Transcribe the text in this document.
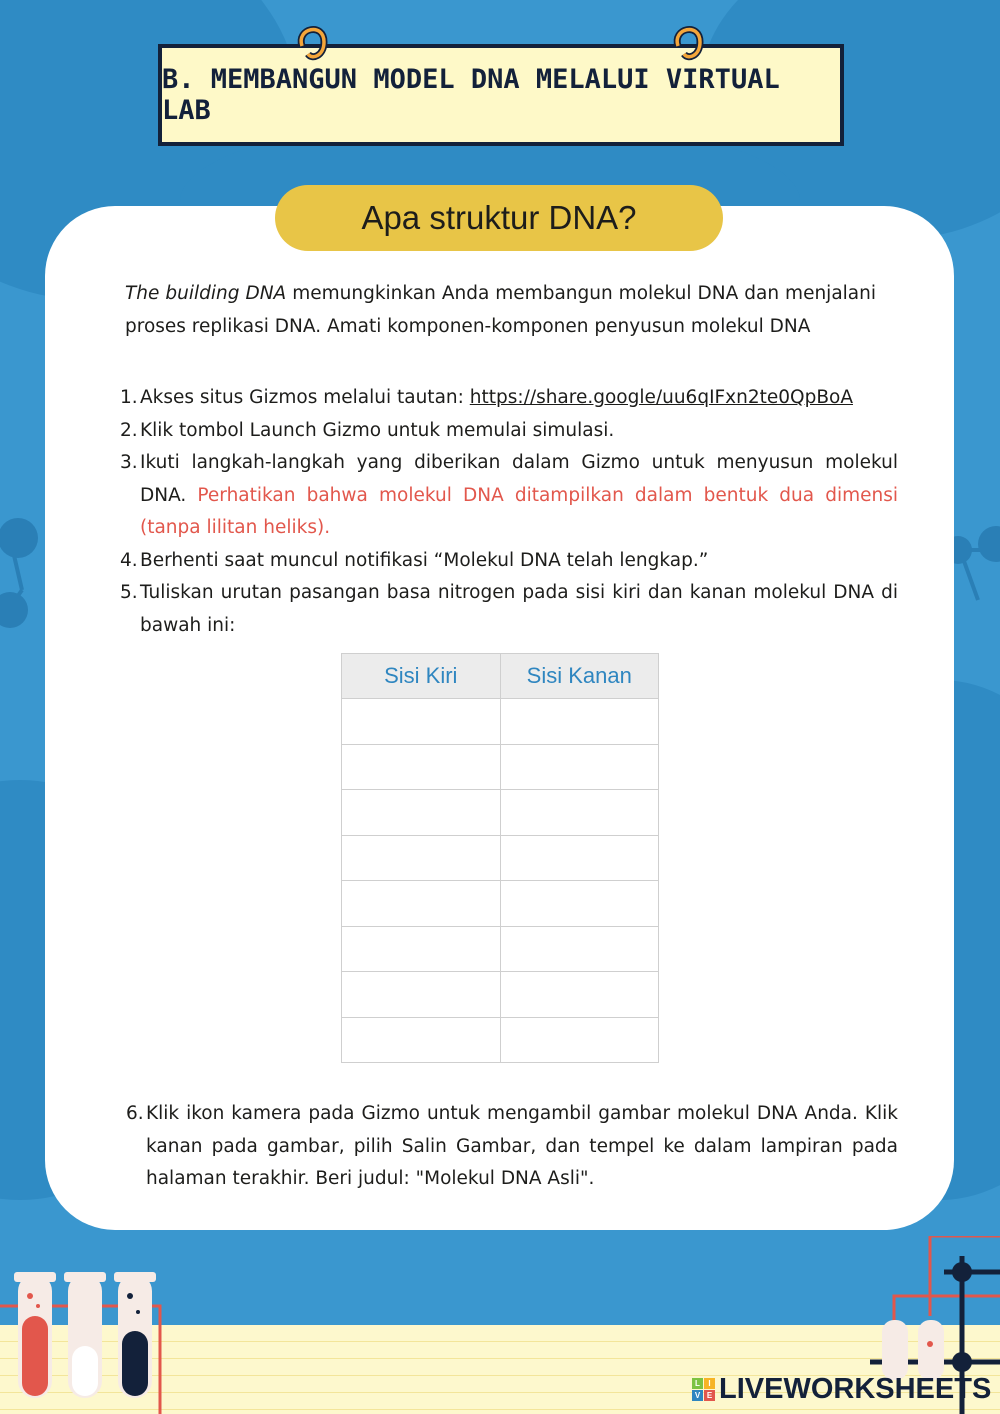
B. MEMBANGUN MODEL DNA MELALUI VIRTUAL LAB
Apa struktur DNA?
The building DNA memungkinkan Anda membangun molekul DNA dan menjalani proses replikasi DNA. Amati komponen-komponen penyusun molekul DNA
1. Akses situs Gizmos melalui tautan: https://share.google/uu6qIFxn2te0QpBoA
2. Klik tombol Launch Gizmo untuk memulai simulasi.
3. Ikuti langkah-langkah yang diberikan dalam Gizmo untuk menyusun molekul DNA. Perhatikan bahwa molekul DNA ditampilkan dalam bentuk dua dimensi (tanpa lilitan heliks).
4. Berhenti saat muncul notifikasi “Molekul DNA telah lengkap.”
5. Tuliskan urutan pasangan basa nitrogen pada sisi kiri dan kanan molekul DNA di bawah ini:
Sisi Kiri	Sisi Kanan

6. Klik ikon kamera pada Gizmo untuk mengambil gambar molekul DNA Anda. Klik kanan pada gambar, pilih Salin Gambar, dan tempel ke dalam lampiran pada halaman terakhir. Beri judul: "Molekul DNA Asli".
L	I
V E LIVEWORKSHEETS
